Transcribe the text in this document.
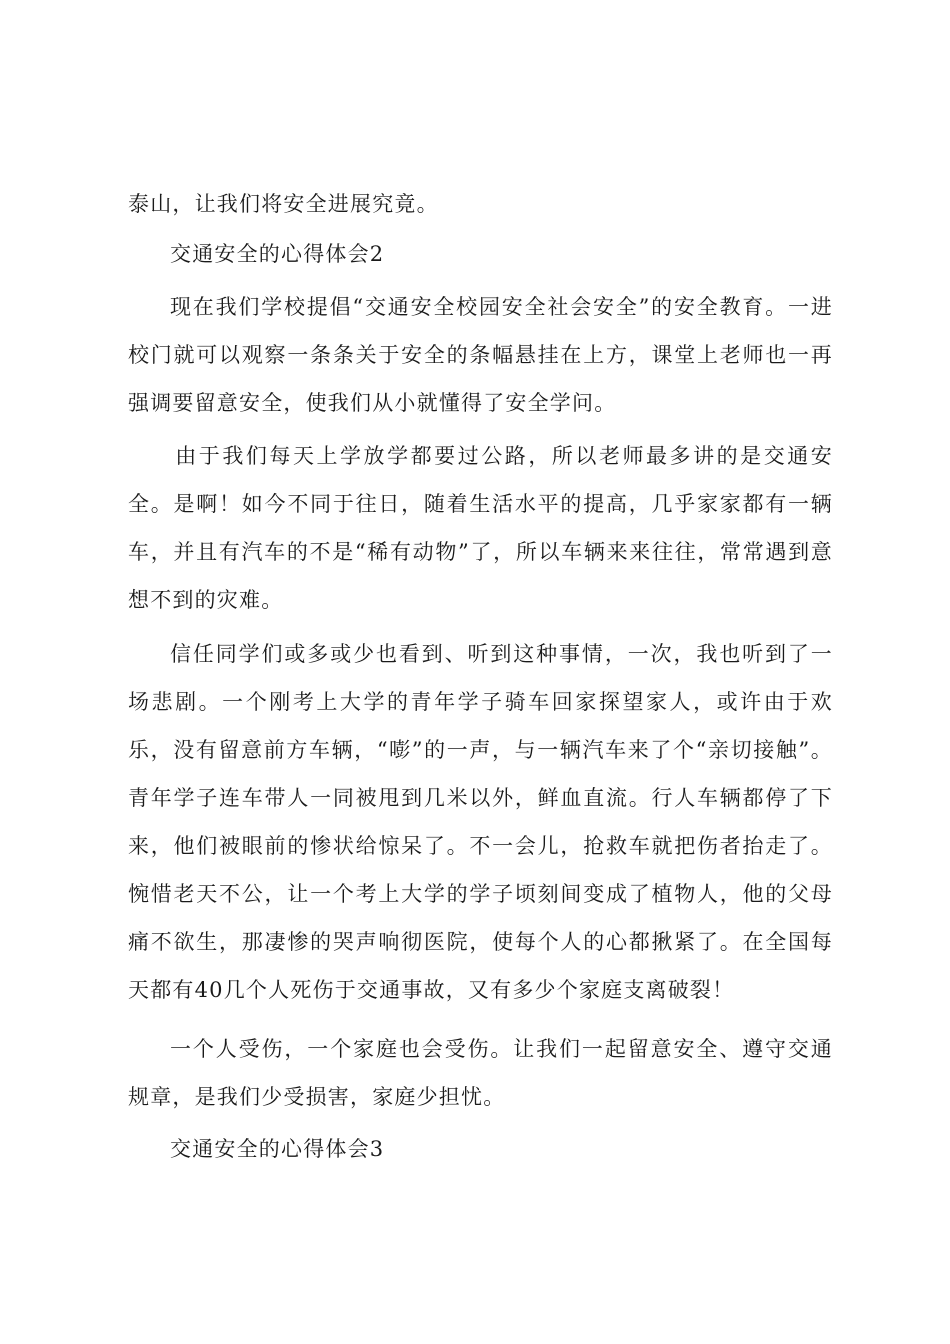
泰山，让我们将安全进展究竟。

交通安全的心得体会2

现在我们学校提倡“交通安全校园安全社会安全”的安全教育。一进校门就可以观察一条条关于安全的条幅悬挂在上方，课堂上老师也一再强调要留意安全，使我们从小就懂得了安全学问。

由于我们每天上学放学都要过公路，所以老师最多讲的是交通安全。是啊！如今不同于往日，随着生活水平的提高，几乎家家都有一辆车，并且有汽车的不是“稀有动物”了，所以车辆来来往往，常常遇到意想不到的灾难。

信任同学们或多或少也看到、听到这种事情，一次，我也听到了一场悲剧。一个刚考上大学的青年学子骑车回家探望家人，或许由于欢乐，没有留意前方车辆，“嘭”的一声，与一辆汽车来了个“亲切接触”。青年学子连车带人一同被甩到几米以外，鲜血直流。行人车辆都停了下来，他们被眼前的惨状给惊呆了。不一会儿，抢救车就把伤者抬走了。惋惜老天不公，让一个考上大学的学子顷刻间变成了植物人，他的父母痛不欲生，那凄惨的哭声响彻医院，使每个人的心都揪紧了。在全国每天都有40几个人死伤于交通事故，又有多少个家庭支离破裂！

一个人受伤，一个家庭也会受伤。让我们一起留意安全、遵守交通规章，是我们少受损害，家庭少担忧。

交通安全的心得体会3
